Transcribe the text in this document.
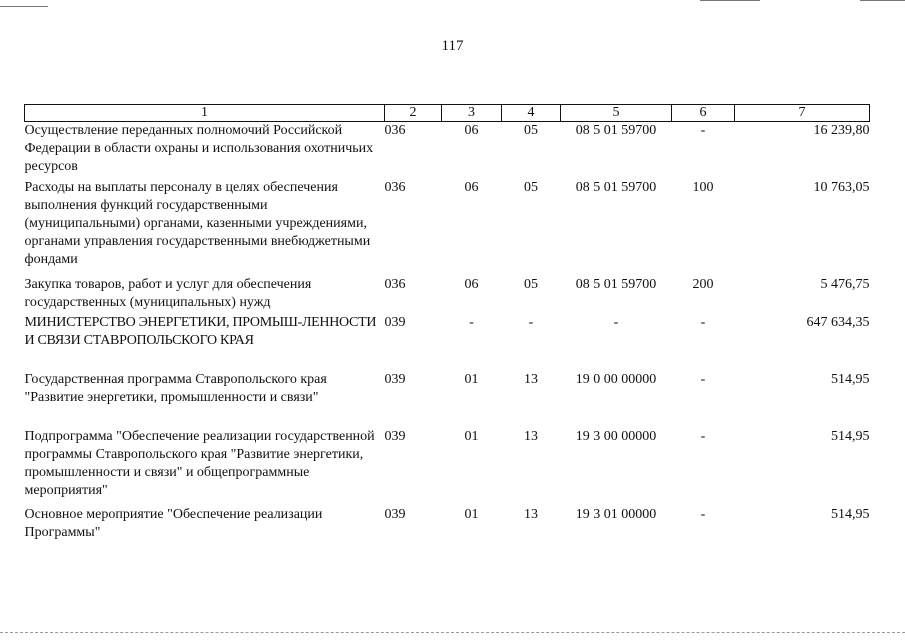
117
1	2	3	4	5	6	7
Осуществление переданных полномочий Российской Федерации в области охраны и использования охотничьих ресурсов	036	06	05	08 5 01 59700	-	16 239,80
Расходы на выплаты персоналу в целях обеспечения выполнения функций государственными (муниципальными) органами, казенными учреждениями, органами управления государственными внебюджетными фондами	036	06	05	08 5 01 59700	100	10 763,05
Закупка товаров, работ и услуг для обеспечения государственных (муниципальных) нужд	036	06	05	08 5 01 59700	200	5 476,75
МИНИСТЕРСТВО ЭНЕРГЕТИКИ, ПРОМЫШ-ЛЕННОСТИ И СВЯЗИ СТАВРОПОЛЬСКОГО КРАЯ	039	-	-	-	-	647 634,35
Государственная программа Ставропольского края "Развитие энергетики, промышленности и связи"	039	01	13	19 0 00 00000	-	514,95
Подпрограмма "Обеспечение реализации государственной программы Ставропольского края "Развитие энергетики, промышленности и связи" и общепрограммные мероприятия"	039	01	13	19 3 00 00000	-	514,95
Основное мероприятие "Обеспечение реализации Программы"	039	01	13	19 3 01 00000	-	514,95
